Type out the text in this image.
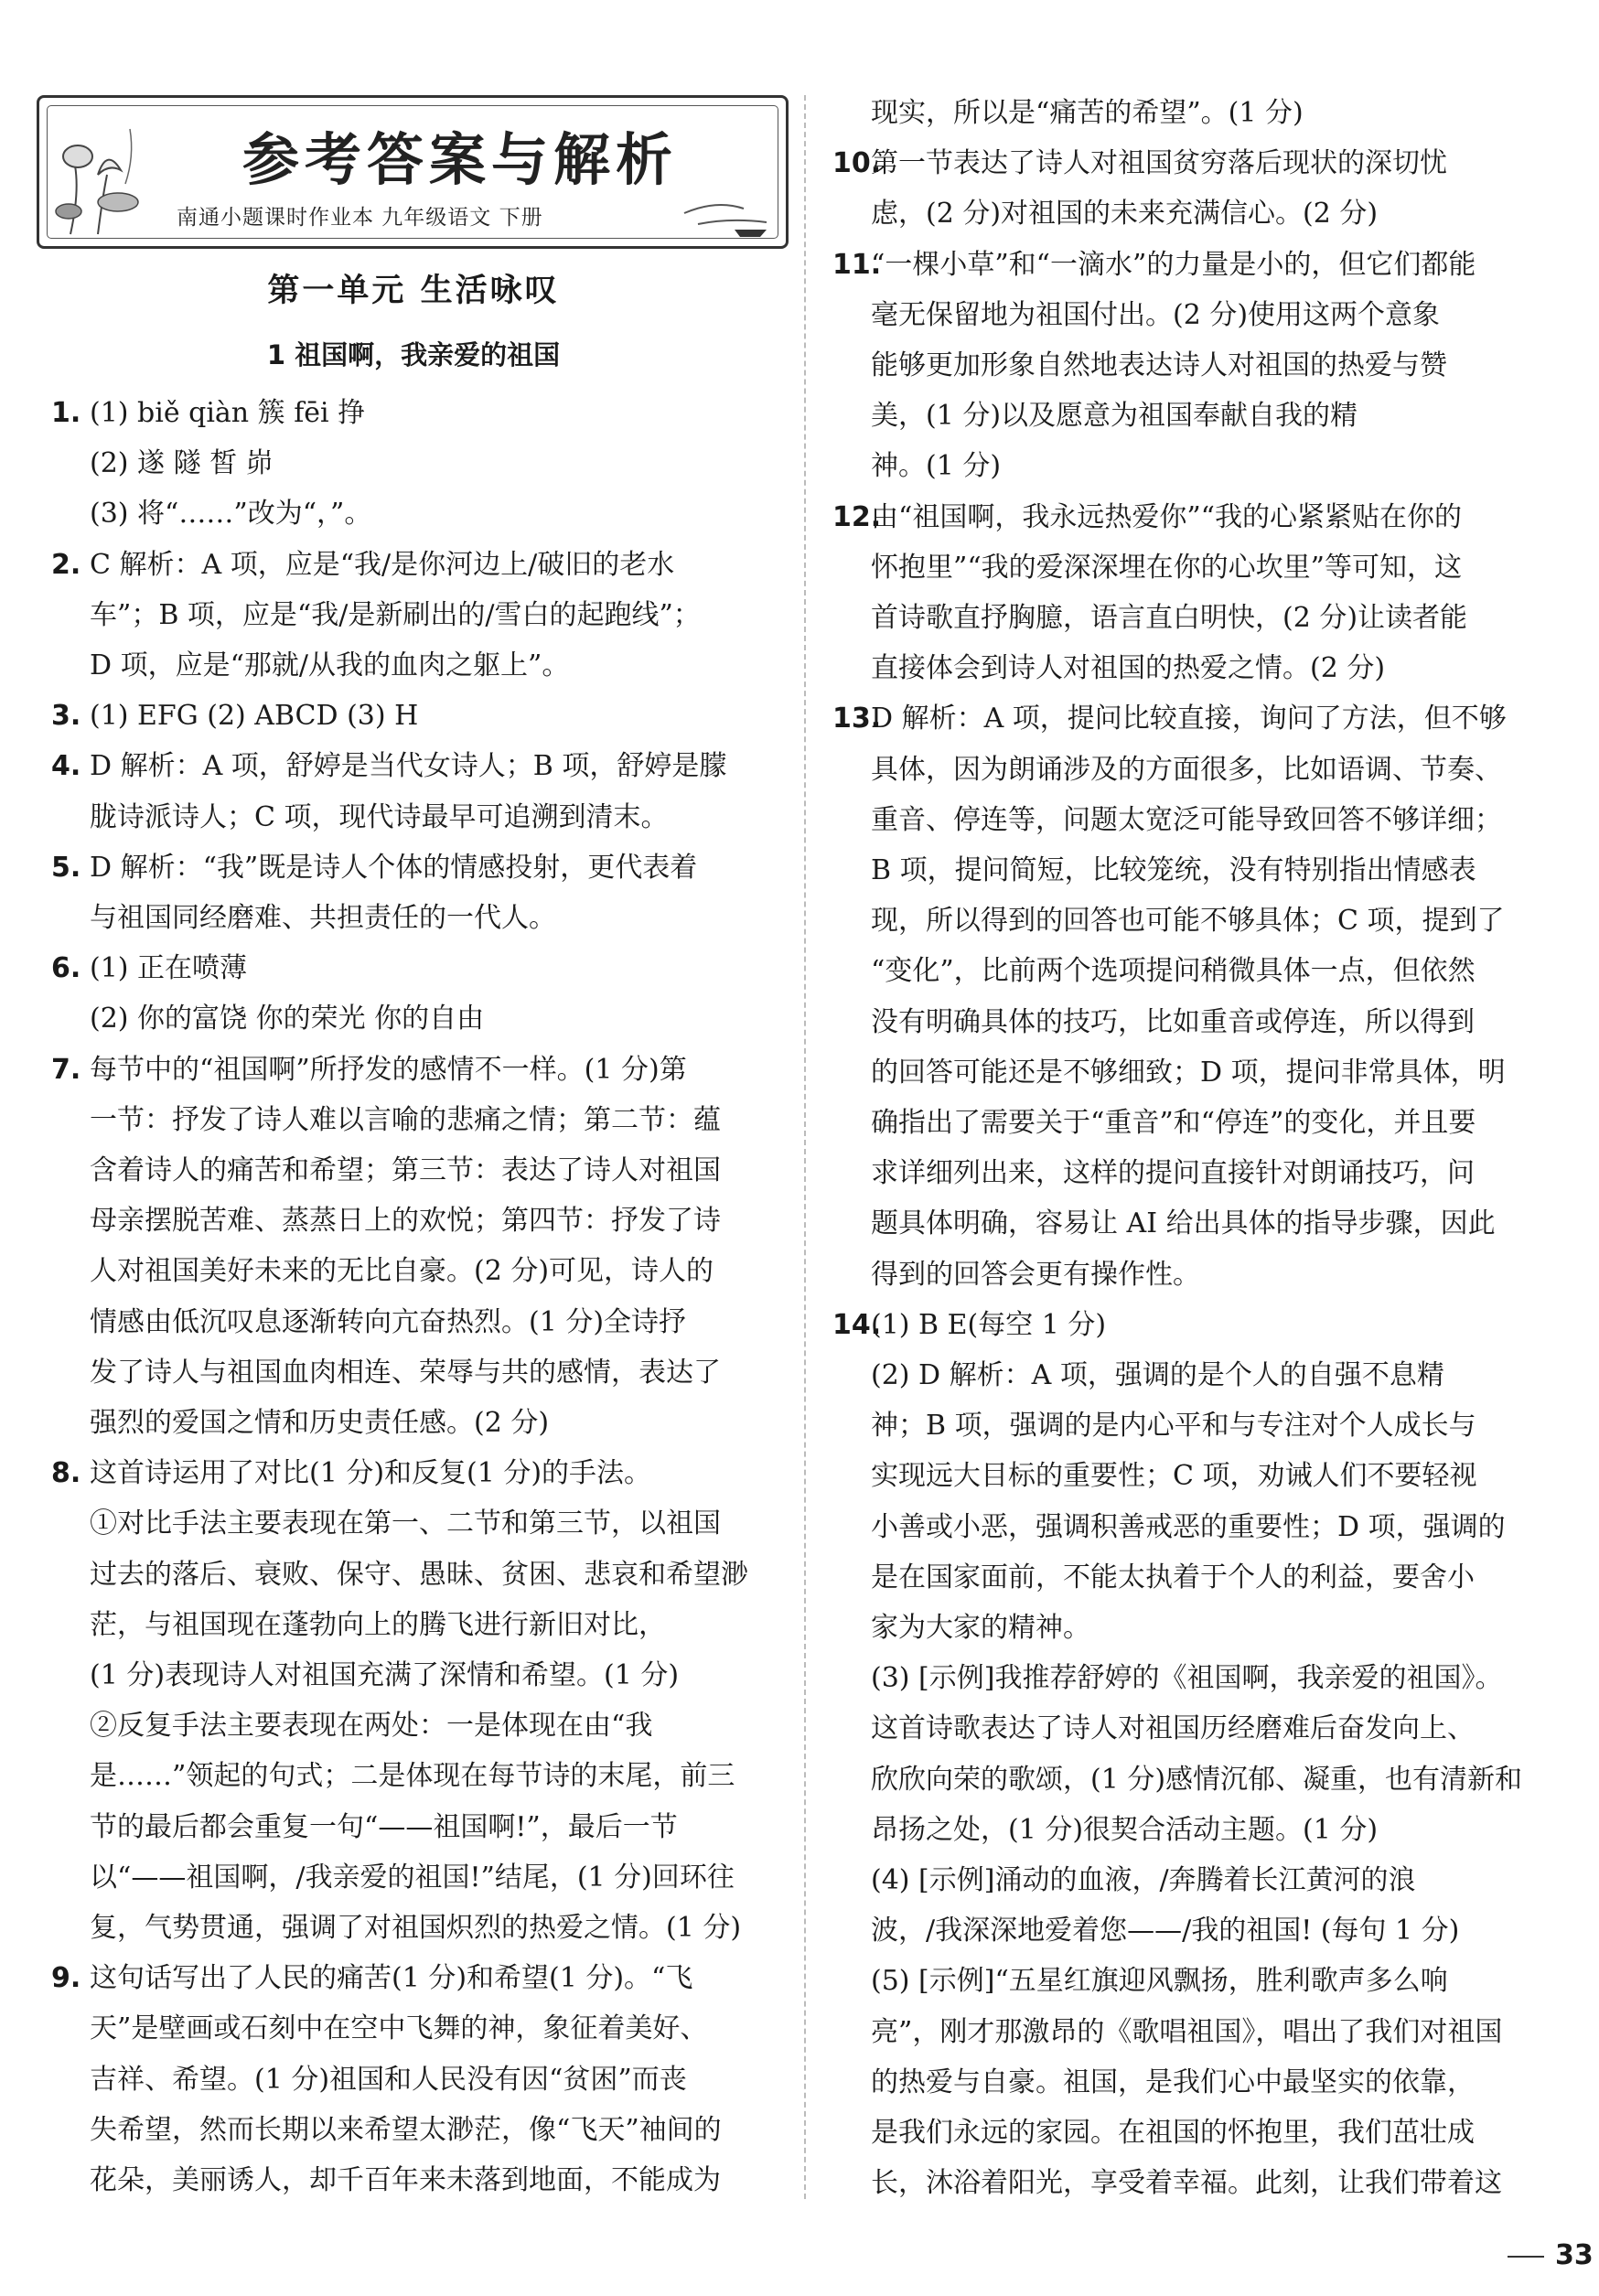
参考答案与解析
南通小题课时作业本 九年级语文 下册
第一单元 生活咏叹
1 祖国啊，我亲爱的祖国
1. (1) biě qiàn 簇 fēi 挣
(2) 遂 隧 皙 峁
(3) 将“……”改为“，”。
2. C 解析：A 项，应是“我/是你河边上/破旧的老水
车”；B 项，应是“我/是新刷出的/雪白的起跑线”；
D 项，应是“那就/从我的血肉之躯上”。
3. (1) EFG (2) ABCD (3) H
4. D 解析：A 项，舒婷是当代女诗人；B 项，舒婷是朦
胧诗派诗人；C 项，现代诗最早可追溯到清末。
5. D 解析：“我”既是诗人个体的情感投射，更代表着
与祖国同经磨难、共担责任的一代人。
6. (1) 正在喷薄
(2) 你的富饶 你的荣光 你的自由
7. 每节中的“祖国啊”所抒发的感情不一样。(1 分)第
一节：抒发了诗人难以言喻的悲痛之情；第二节：蕴
含着诗人的痛苦和希望；第三节：表达了诗人对祖国
母亲摆脱苦难、蒸蒸日上的欢悦；第四节：抒发了诗
人对祖国美好未来的无比自豪。(2 分)可见，诗人的
情感由低沉叹息逐渐转向亢奋热烈。(1 分)全诗抒
发了诗人与祖国血肉相连、荣辱与共的感情，表达了
强烈的爱国之情和历史责任感。(2 分)
8. 这首诗运用了对比(1 分)和反复(1 分)的手法。
①对比手法主要表现在第一、二节和第三节，以祖国
过去的落后、衰败、保守、愚昧、贫困、悲哀和希望渺
茫，与祖国现在蓬勃向上的腾飞进行新旧对比，
(1 分)表现诗人对祖国充满了深情和希望。(1 分)
②反复手法主要表现在两处：一是体现在由“我
是……”领起的句式；二是体现在每节诗的末尾，前三
节的最后都会重复一句“——祖国啊!”，最后一节
以“——祖国啊，/我亲爱的祖国!”结尾，(1 分)回环往
复，气势贯通，强调了对祖国炽烈的热爱之情。(1 分)
9. 这句话写出了人民的痛苦(1 分)和希望(1 分)。“飞
天”是壁画或石刻中在空中飞舞的神，象征着美好、
吉祥、希望。(1 分)祖国和人民没有因“贫困”而丧
失希望，然而长期以来希望太渺茫，像“飞天”袖间的
花朵，美丽诱人，却千百年来未落到地面，不能成为
现实，所以是“痛苦的希望”。(1 分)
10.
第一节表达了诗人对祖国贫穷落后现状的深切忧
虑，(2 分)对祖国的未来充满信心。(2 分)
11.
“一棵小草”和“一滴水”的力量是小的，但它们都能
毫无保留地为祖国付出。(2 分)使用这两个意象
能够更加形象自然地表达诗人对祖国的热爱与赞
美，(1 分)以及愿意为祖国奉献自我的精
神。(1 分)
12.
由“祖国啊，我永远热爱你”“我的心紧紧贴在你的
怀抱里”“我的爱深深埋在你的心坎里”等可知，这
首诗歌直抒胸臆，语言直白明快，(2 分)让读者能
直接体会到诗人对祖国的热爱之情。(2 分)
13.
D 解析：A 项，提问比较直接，询问了方法，但不够
具体，因为朗诵涉及的方面很多，比如语调、节奏、
重音、停连等，问题太宽泛可能导致回答不够详细；
B 项，提问简短，比较笼统，没有特别指出情感表
现，所以得到的回答也可能不够具体；C 项，提到了
“变化”，比前两个选项提问稍微具体一点，但依然
没有明确具体的技巧，比如重音或停连，所以得到
的回答可能还是不够细致；D 项，提问非常具体，明
确指出了需要关于“重音”和“停连”的变化，并且要
求详细列出来，这样的提问直接针对朗诵技巧，问
题具体明确，容易让 AI 给出具体的指导步骤，因此
得到的回答会更有操作性。
14.
(1) B E(每空 1 分)
(2) D 解析：A 项，强调的是个人的自强不息精
神；B 项，强调的是内心平和与专注对个人成长与
实现远大目标的重要性；C 项，劝诫人们不要轻视
小善或小恶，强调积善戒恶的重要性；D 项，强调的
是在国家面前，不能太执着于个人的利益，要舍小
家为大家的精神。
(3) [示例]我推荐舒婷的《祖国啊，我亲爱的祖国》。
这首诗歌表达了诗人对祖国历经磨难后奋发向上、
欣欣向荣的歌颂，(1 分)感情沉郁、凝重，也有清新和
昂扬之处，(1 分)很契合活动主题。(1 分)
(4) [示例]涌动的血液，/奔腾着长江黄河的浪
波，/我深深地爱着您——/我的祖国! (每句 1 分)
(5) [示例]“五星红旗迎风飘扬，胜利歌声多么响
亮”，刚才那激昂的《歌唱祖国》，唱出了我们对祖国
的热爱与自豪。祖国，是我们心中最坚实的依靠，
是我们永远的家园。在祖国的怀抱里，我们茁壮成
长，沐浴着阳光，享受着幸福。此刻，让我们带着这
33
